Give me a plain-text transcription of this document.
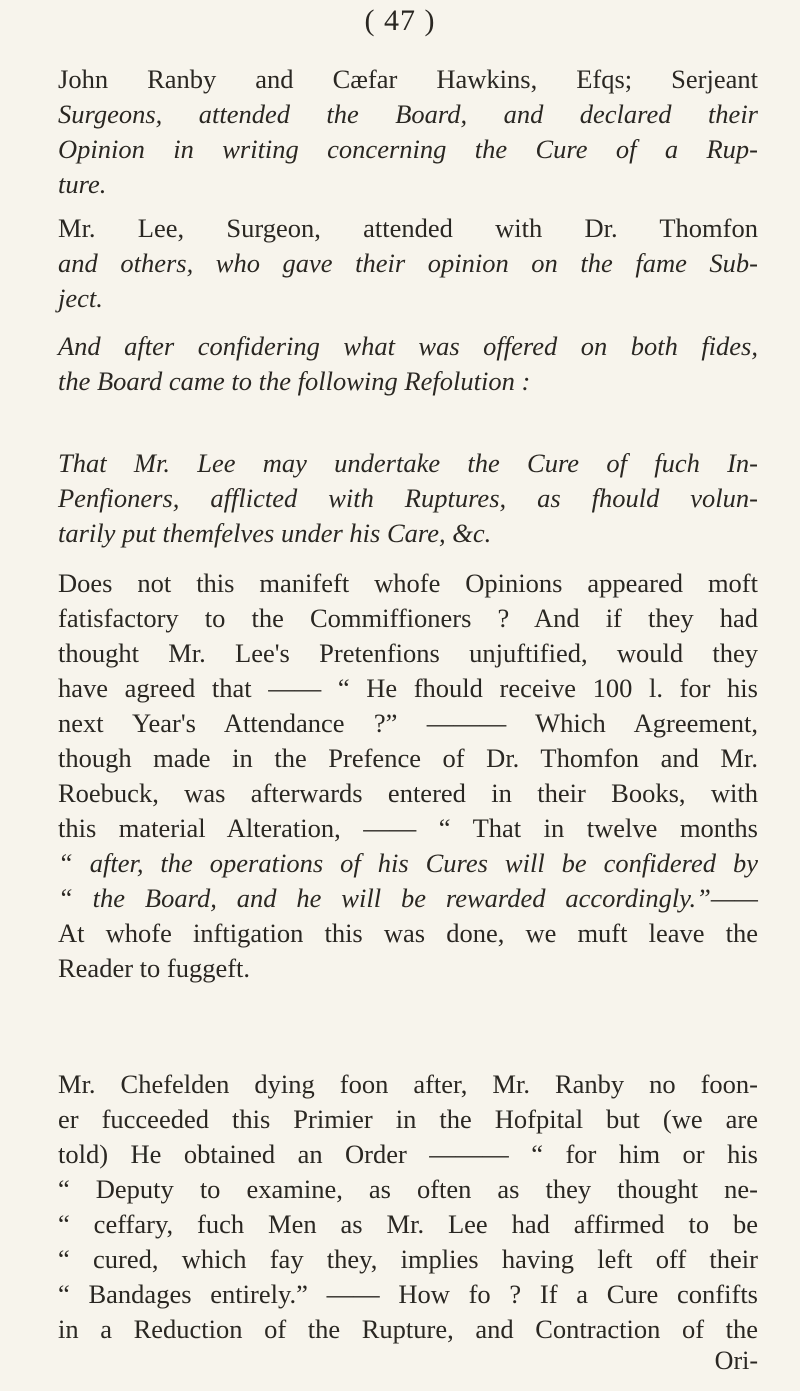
( 47 )
John Ranby and Cæfar Hawkins, Efqs; Serjeant
Surgeons, attended the Board, and declared their
Opinion in writing concerning the Cure of a Rup-
ture.
Mr. Lee, Surgeon, attended with Dr. Thomfon
and others, who gave their opinion on the fame Sub-
ject.
And after confidering what was offered on both fides,
the Board came to the following Refolution :
That Mr. Lee may undertake the Cure of fuch In-
Penfioners, afflicted with Ruptures, as fhould volun-
tarily put themfelves under his Care, &c.
Does not this manifeft whofe Opinions appeared moft
fatisfactory to the Commiffioners ? And if they had
thought Mr. Lee's Pretenfions unjuftified, would they
have agreed that —— “ He fhould receive 100 l. for his
next Year's Attendance ?” ——— Which Agreement,
though made in the Prefence of Dr. Thomfon and Mr.
Roebuck, was afterwards entered in their Books, with
this material Alteration, —— “ That in twelve months
“ after, the operations of his Cures will be confidered by
“ the Board, and he will be rewarded accordingly.”——
At whofe inftigation this was done, we muft leave the
Reader to fuggeft.
Mr. Chefelden dying foon after, Mr. Ranby no foon-
er fucceeded this Primier in the Hofpital but (we are
told) He obtained an Order ——— “ for him or his
“ Deputy to examine, as often as they thought ne-
“ ceffary, fuch Men as Mr. Lee had affirmed to be
“ cured, which fay they, implies having left off their
“ Bandages entirely.” —— How fo ? If a Cure confifts
in a Reduction of the Rupture, and Contraction of the
Ori-
